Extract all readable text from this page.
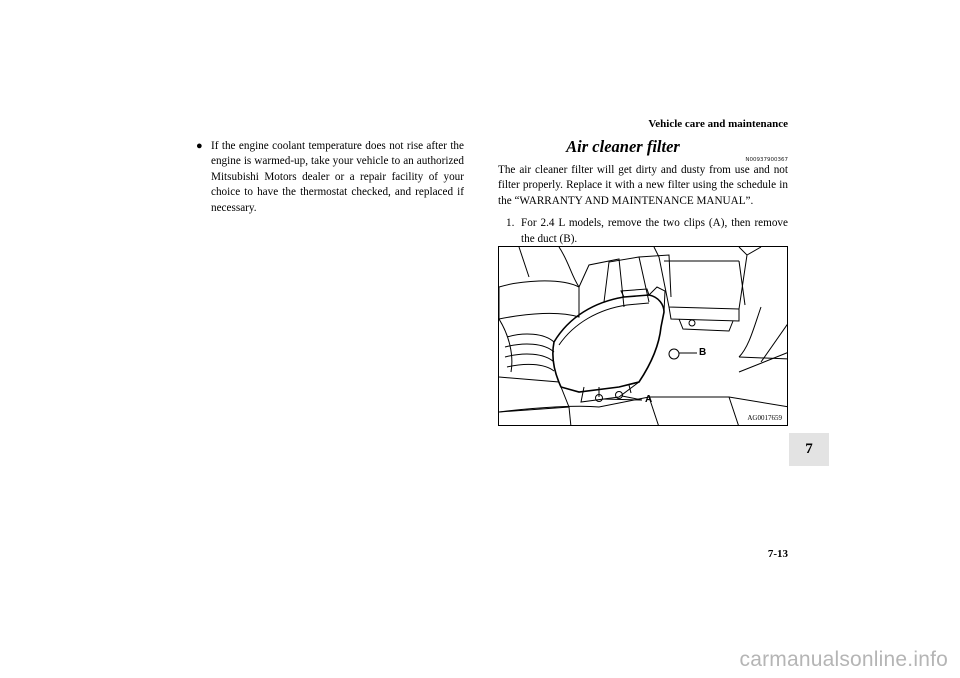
Vehicle care and maintenance
● If the engine coolant temperature does not rise after the engine is warmed-up, take your vehicle to an authorized Mitsubishi Motors dealer or a repair facility of your choice to have the thermostat checked, and replaced if necessary.
Air cleaner filter
N00937900367

The air cleaner filter will get dirty and dusty from use and not filter properly. Replace it with a new filter using the schedule in the “WARRANTY AND MAINTENANCE MANUAL”.

1. For 2.4 L models, remove the two clips (A), then remove the duct (B).
B
A
AG0017659
7
7-13
carmanualsonline.info
